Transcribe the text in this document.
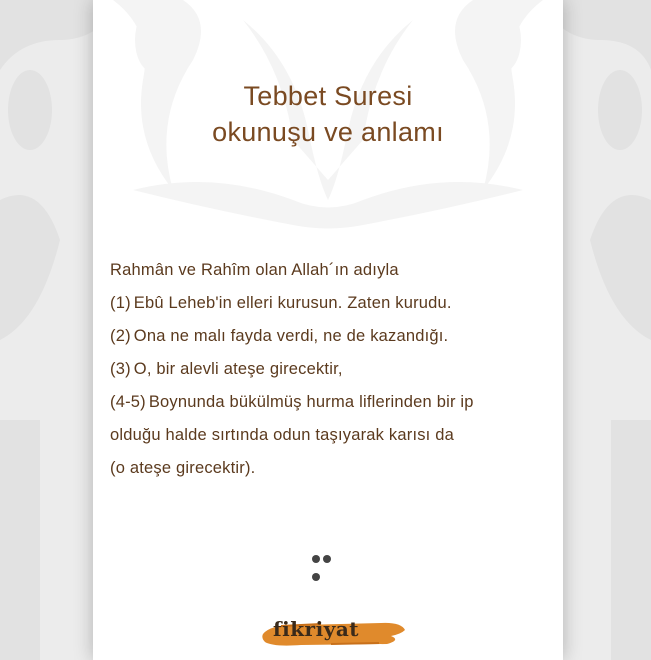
Tebbet Suresi
okunuşu ve anlamı
Rahmân ve Rahîm olan Allah´ın adıyla
(1) Ebû Leheb'in elleri kurusun. Zaten kurudu.
(2) Ona ne malı fayda verdi, ne de kazandığı.
(3) O, bir alevli ateşe girecektir,
(4-5) Boynunda bükülmüş hurma liflerinden bir ip
olduğu halde sırtında odun taşıyarak karısı da
(o ateşe girecektir).
fikriyat
